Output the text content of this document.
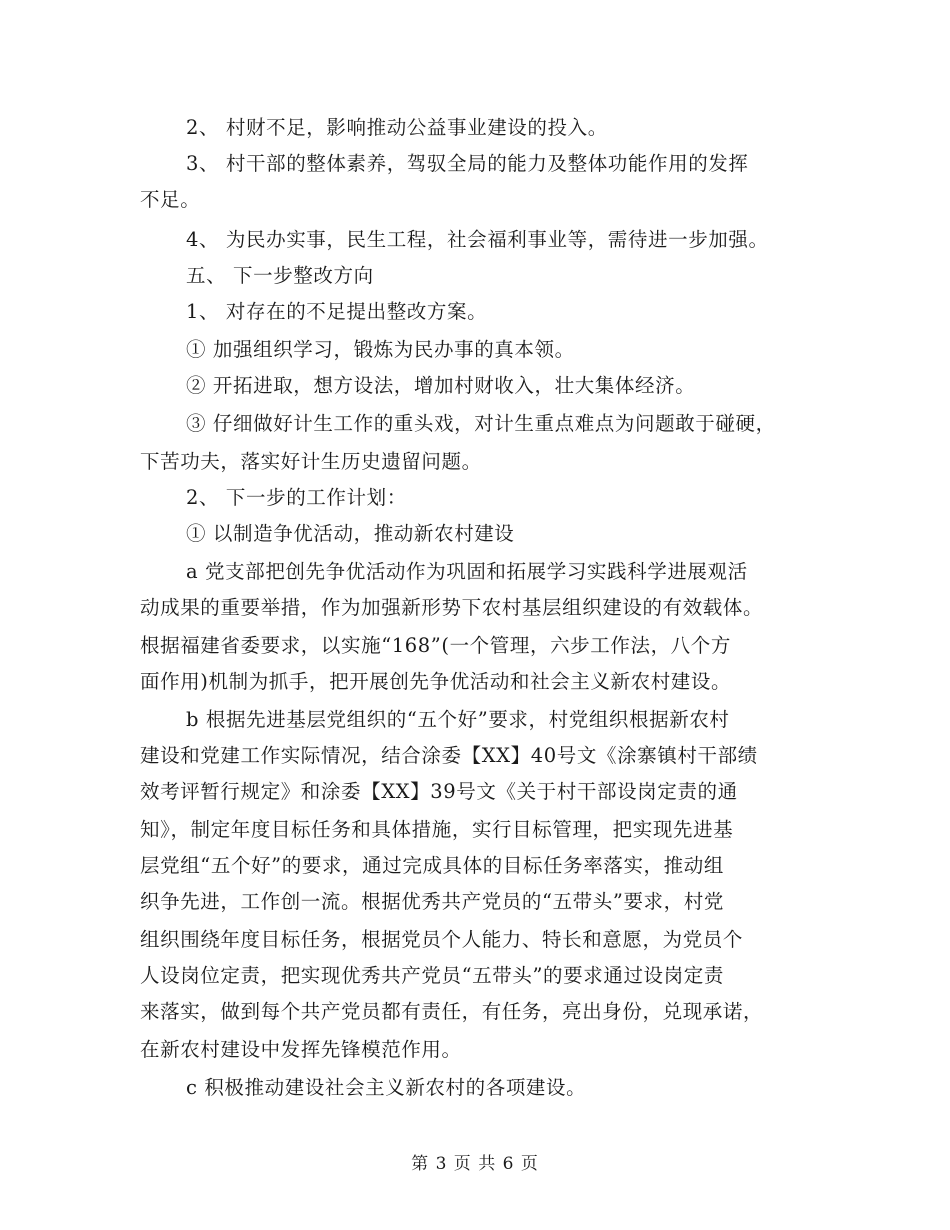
2、 村财不足，影响推动公益事业建设的投入。
3、 村干部的整体素养，驾驭全局的能力及整体功能作用的发挥
不足。
4、 为民办实事，民生工程，社会福利事业等，需待进一步加强。
五、 下一步整改方向
1、 对存在的不足提出整改方案。
① 加强组织学习，锻炼为民办事的真本领。
② 开拓进取，想方设法，增加村财收入，壮大集体经济。
③ 仔细做好计生工作的重头戏，对计生重点难点为问题敢于碰硬，
下苦功夫，落实好计生历史遗留问题。
2、 下一步的工作计划：
① 以制造争优活动，推动新农村建设
a 党支部把创先争优活动作为巩固和拓展学习实践科学进展观活
动成果的重要举措，作为加强新形势下农村基层组织建设的有效载体。
根据福建省委要求，以实施“168”(一个管理，六步工作法，八个方
面作用)机制为抓手，把开展创先争优活动和社会主义新农村建设。
b 根据先进基层党组织的“五个好”要求，村党组织根据新农村
建设和党建工作实际情况，结合涂委【XX】40号文《涂寨镇村干部绩
效考评暂行规定》和涂委【XX】39号文《关于村干部设岗定责的通
知》，制定年度目标任务和具体措施，实行目标管理，把实现先进基
层党组“五个好”的要求，通过完成具体的目标任务率落实，推动组
织争先进，工作创一流。根据优秀共产党员的“五带头”要求，村党
组织围绕年度目标任务，根据党员个人能力、特长和意愿，为党员个
人设岗位定责，把实现优秀共产党员“五带头”的要求通过设岗定责
来落实，做到每个共产党员都有责任，有任务，亮出身份，兑现承诺，
在新农村建设中发挥先锋模范作用。
c 积极推动建设社会主义新农村的各项建设。
第 3 页 共 6 页
